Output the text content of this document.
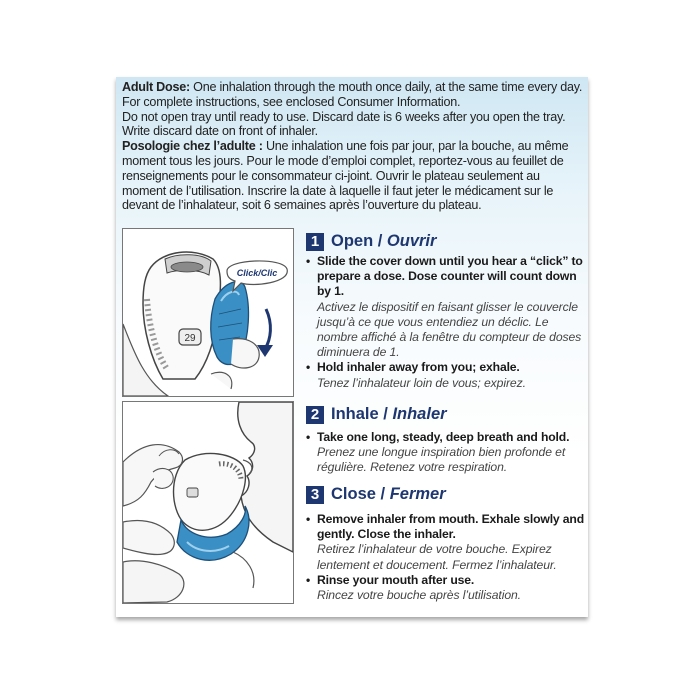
Adult Dose: One inhalation through the mouth once daily, at the same time every day. For complete instructions, see enclosed Consumer Information.

Do not open tray until ready to use. Discard date is 6 weeks after you open the tray. Write discard date on front of inhaler.

Posologie chez l’adulte : Une inhalation une fois par jour, par la bouche, au même moment tous les jours. Pour le mode d’emploi complet, reportez-vous au feuillet de renseignements pour le consommateur ci-joint. Ouvrir le plateau seulement au moment de l’utilisation. Inscrire la date à laquelle il faut jeter le médicament sur le devant de l’inhalateur, soit 6 semaines après l’ouverture du plateau.

29
Click/Clic
1 Open / Ouvrir
• Slide the cover down until you hear a “click” to prepare a dose. Dose counter will count down by 1.
Activez le dispositif en faisant glisser le couvercle jusqu’à ce que vous entendiez un déclic. Le nombre affiché à la fenêtre du compteur de doses diminuera de 1.
• Hold inhaler away from you; exhale.
Tenez l’inhalateur loin de vous; expirez.
2 Inhale / Inhaler
• Take one long, steady, deep breath and hold.
Prenez une longue inspiration bien profonde et régulière. Retenez votre respiration.
3 Close / Fermer
• Remove inhaler from mouth. Exhale slowly and gently. Close the inhaler.
Retirez l’inhalateur de votre bouche. Expirez lentement et doucement. Fermez l’inhalateur.
• Rinse your mouth after use.
Rincez votre bouche après l’utilisation.
